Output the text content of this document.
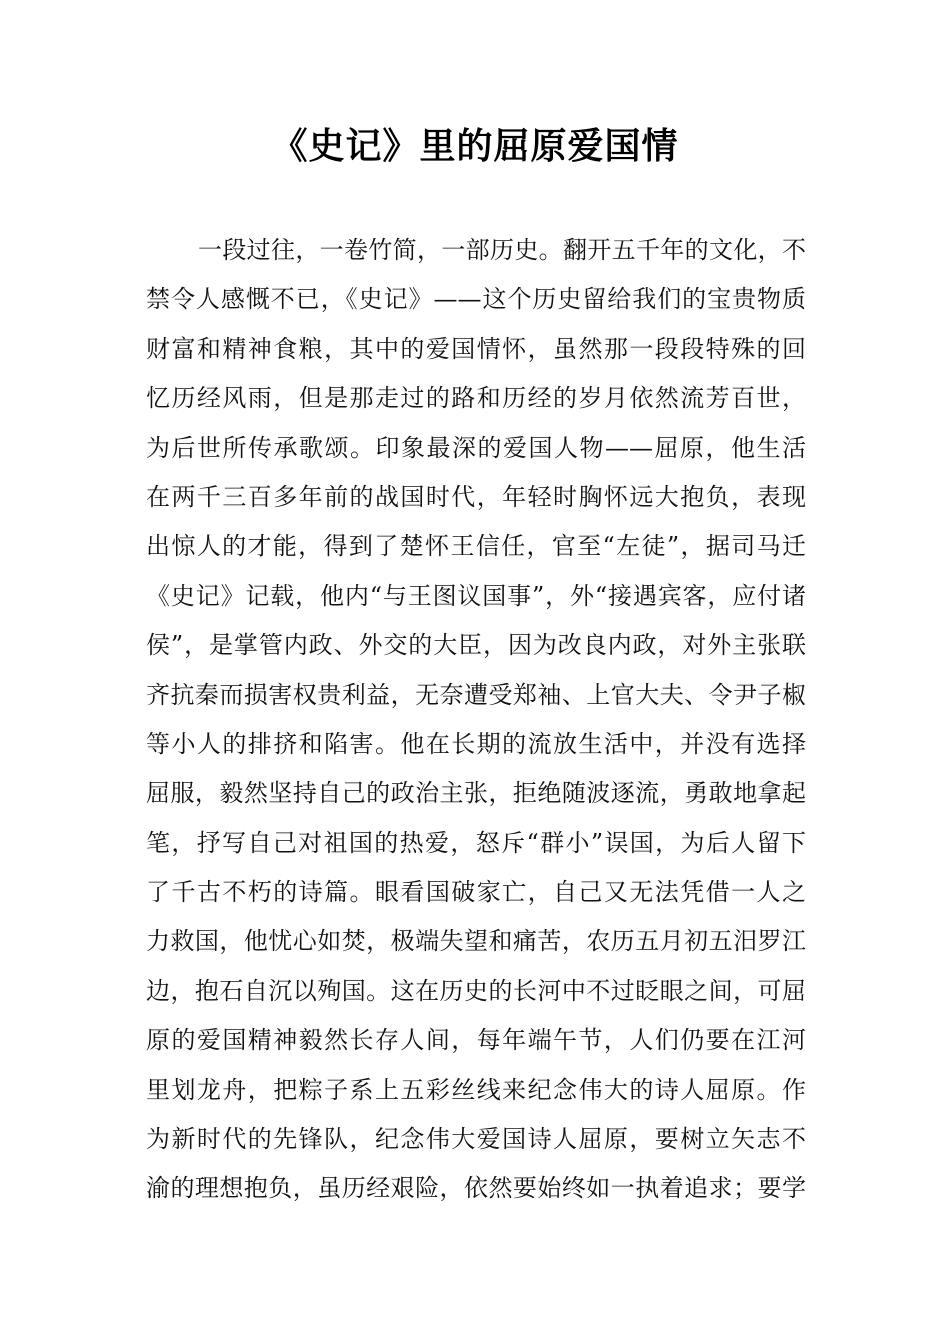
《史记》里的屈原爱国情
一段过往，一卷竹简，一部历史。翻开五千年的文化，不
禁令人感慨不已，《史记》——这个历史留给我们的宝贵物质
财富和精神食粮，其中的爱国情怀，虽然那一段段特殊的回
忆历经风雨，但是那走过的路和历经的岁月依然流芳百世，
为后世所传承歌颂。印象最深的爱国人物——屈原，他生活
在两千三百多年前的战国时代，年轻时胸怀远大抱负，表现
出惊人的才能，得到了楚怀王信任，官至“左徒”，据司马迁
《史记》记载，他内“与王图议国事”，外“接遇宾客，应付诸
侯”，是掌管内政、外交的大臣，因为改良内政，对外主张联
齐抗秦而损害权贵利益，无奈遭受郑袖、上官大夫、令尹子椒
等小人的排挤和陷害。他在长期的流放生活中，并没有选择
屈服，毅然坚持自己的政治主张，拒绝随波逐流，勇敢地拿起
笔，抒写自己对祖国的热爱，怒斥“群小”误国，为后人留下
了千古不朽的诗篇。眼看国破家亡，自己又无法凭借一人之
力救国，他忧心如焚，极端失望和痛苦，农历五月初五汨罗江
边，抱石自沉以殉国。这在历史的长河中不过眨眼之间，可屈
原的爱国精神毅然长存人间，每年端午节，人们仍要在江河
里划龙舟，把粽子系上五彩丝线来纪念伟大的诗人屈原。作
为新时代的先锋队，纪念伟大爱国诗人屈原，要树立矢志不
渝的理想抱负，虽历经艰险，依然要始终如一执着追求；要学
